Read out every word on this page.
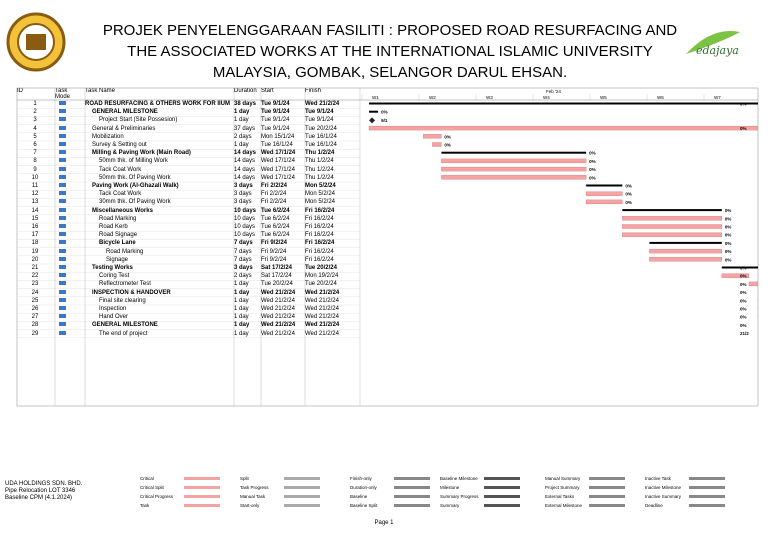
PROJEK PENYELENGGARAAN FASILITI : PROPOSED ROAD RESURFACING AND
THE ASSOCIATED WORKS AT THE INTERNATIONAL ISLAMIC UNIVERSITY
MALAYSIA, GOMBAK, SELANGOR DARUL EHSAN.
edajaya
ID	Task Mode
Task Name	Duration Start	Finish
1	ROAD RESURFACING & OTHERS WORK FOR IIUM 38 days Tue 9/1/24	Wed 21/2/24
2	GENERAL MILESTONE	1 day	Tue 9/1/24	Tue 9/1/24
3	Project Start (Site Possesion)	1 day	Tue 9/1/24	Tue 9/1/24
4	General & Preliminaries	37 days Tue 9/1/24	Tue 20/2/24
5	Mobilization	2 days	Mon 15/1/24	Tue 16/1/24
6	Survey & Setting out	1 day	Tue 16/1/24	Tue 16/1/24
7	Milling & Paving Work (Main Road)	14 days Wed 17/1/24	Thu 1/2/24
8	50mm thk. of Milling Work	14 days Wed 17/1/24	Thu 1/2/24
9	Tack Coat Work	14 days Wed 17/1/24	Thu 1/2/24
10	50mm thk. Of Paving Work	14 days Wed 17/1/24	Thu 1/2/24
11	Paving Work (Al-Ghazali Walk)	3 days	Fri 2/2/24	Mon 5/2/24
12	Tack Coat Work	3 days	Fri 2/2/24	Mon 5/2/24
13	30mm thk. Of Paving Work	3 days	Fri 2/2/24	Mon 5/2/24
14	Miscellaneous Works	10 days Tue 6/2/24	Fri 16/2/24
15	Road Marking	10 days Tue 6/2/24	Fri 16/2/24
16	Road Kerb	10 days Tue 6/2/24	Fri 16/2/24
17	Road Signage	10 days Tue 6/2/24	Fri 16/2/24
18	Bicycle Lane	7 days	Fri 9/2/24	Fri 16/2/24
19	Road Marking	7 days	Fri 9/2/24	Fri 16/2/24
20	Signage	7 days	Fri 9/2/24	Fri 16/2/24
21	Testing Works	3 days	Sat 17/2/24	Tue 20/2/24
22	Coring Test	2 days	Sat 17/2/24	Mon 19/2/24
23	Reflectrometer Test	1 day	Tue 20/2/24	Tue 20/2/24
24	INSPECTION & HANDOVER	1 day	Wed 21/2/24	Wed 21/2/24
25	Final site clearing	1 day	Wed 21/2/24	Wed 21/2/24
26	Inspection	1 day	Wed 21/2/24	Wed 21/2/24
27	Hand Over	1 day	Wed 21/2/24	Wed 21/2/24
28	GENERAL MILESTONE	1 day	Wed 21/2/24	Wed 21/2/24
29	The end of project	1 day	Wed 21/2/24	Wed 21/2/24
Feb '24
W1	W2	W3	W4	W5	W6	W7
0%
0%
9/1
0%
0%
0%
0%
0%
0%
0%
0%
0%
0%
0%
0%
0%
0%
0%
0%
0%
0%
0%
0%
0%
0%
0%
0%
0%
21/2
UDA HOLDINGS SDN. BHD.
Pipe Relocation LOT 3346
Baseline CPM (4.1.2024)
Critical	Split	Finish-only	Baseline Milestone	Manual Summary	Inactive Task
Critical Split	Task Progress	Duration-only	Milestone	Project Summary	Inactive Milestone
Critical Progress	Manual Task	Baseline	Summary Progress	External Tasks	Inactive Summary
Task	Start-only	Baseline Split	Summary	External Milestone	Deadline
Page 1
